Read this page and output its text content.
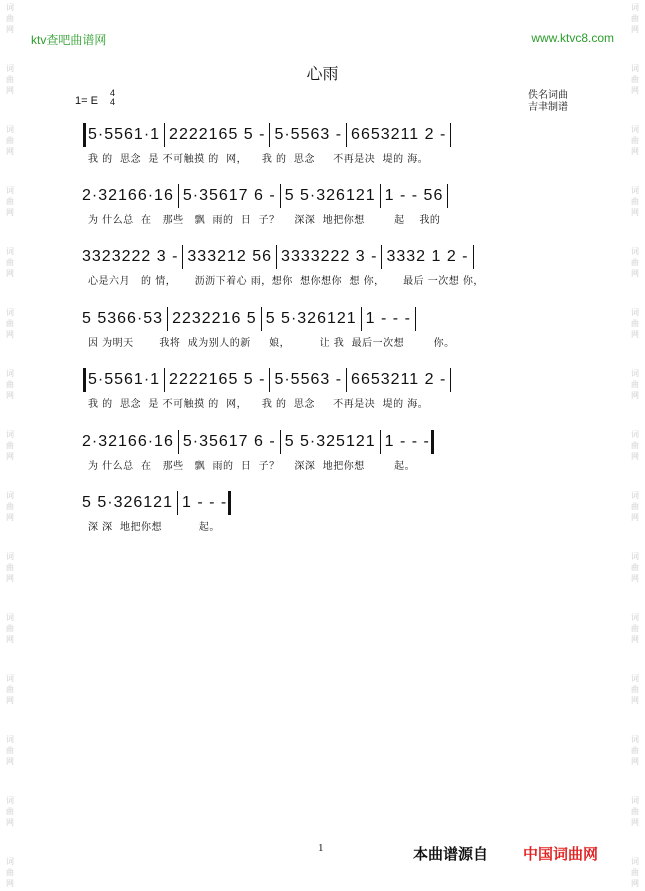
词
曲
网
词
曲
网
词
曲
网
词
曲
网
词
曲
网
词
曲
网
词
曲
网
词
曲
网
词
曲
网
词
曲
网
词
曲
网
词
曲
网
词
曲
网
词
曲
网
词
曲
网
词
曲
网
词
曲
网
词
曲
网
词
曲
网
词
曲
网
词
曲
网
词
曲
网
词
曲
网
词
曲
网
词
曲
网
词
曲
网
词
曲
网
词
曲
网
词
曲
网
词
曲
网
ktv查吧曲谱网	www.ktvc8.com
心雨
1= E
4
4
佚名词曲
吉聿制谱
5·5561·1 2222165 5 - 5·5563 - 6653211 2 -
我 的  思念  是 不可触摸 的  网，    我 的  思念     不再是决  堤的 海。
2·32166·16 5·35617 6 - 5 5·326121 1 - - 56
为 什么总  在   那些   飘  雨的  日  子？    深深  地把你想        起    我的
3323222 3 - 333212 56 3333222 3 - 3332 1 2 -
心是六月   的 情，     沥沥下着心 雨，想你  想你想你  想 你，     最后 一次想 你，
5 5366·53 2232216 5 5 5·326121 1 - - -
因 为明天       我将  成为别人的新     娘，        让 我  最后一次想        你。
5·5561·1 2222165 5 - 5·5563 - 6653211 2 -
我 的  思念  是 不可触摸 的  网，    我 的  思念     不再是决  堤的 海。
2·32166·16 5·35617 6 - 5 5·325121 1 - - -
为 什么总  在   那些   飘  雨的  日  子？    深深  地把你想        起。
5 5·326121 1 - - -
深 深  地把你想          起。
1	本曲谱源自 中国词曲网
